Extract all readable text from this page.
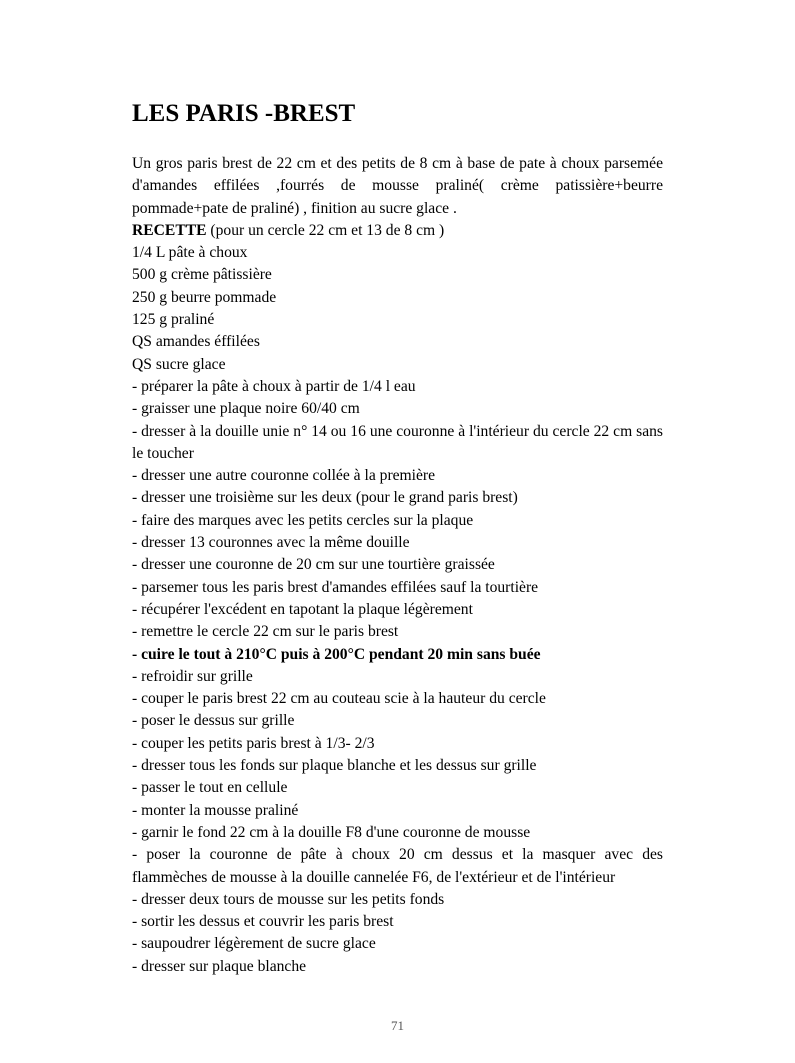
LES PARIS -BREST
Un gros paris brest de 22 cm et des petits de 8 cm à base de pate à choux parsemée d'amandes effilées ,fourrés de mousse praliné( crème patissière+beurre pommade+pate de praliné) , finition au sucre glace .
RECETTE (pour un cercle 22 cm et 13 de 8 cm )
1/4 L pâte à choux
500 g crème pâtissière
250 g beurre pommade
125 g praliné
QS amandes éffilées
QS sucre glace
- préparer la pâte à choux à partir de 1/4 l eau
- graisser une plaque noire 60/40 cm
- dresser à la douille unie n° 14 ou 16 une couronne à l'intérieur du cercle 22 cm sans le toucher
- dresser une autre couronne collée à la première
- dresser une troisième sur les deux (pour le grand paris brest)
- faire des marques avec les petits cercles sur la plaque
- dresser 13 couronnes avec la même douille
- dresser une couronne de 20 cm sur une tourtière graissée
- parsemer tous les paris brest d'amandes effilées sauf la tourtière
- récupérer l'excédent en tapotant la plaque légèrement
- remettre le cercle 22 cm sur le paris brest
- cuire le tout à 210°C puis à 200°C pendant 20 min sans buée
- refroidir sur grille
- couper le paris brest 22 cm au couteau scie à la hauteur du cercle
- poser le dessus sur grille
- couper les petits paris brest à 1/3- 2/3
- dresser tous les fonds sur plaque blanche et les dessus sur grille
- passer le tout en cellule
- monter la mousse praliné
- garnir le fond 22 cm à la douille F8 d'une couronne de mousse
- poser la couronne de pâte à choux 20 cm dessus et la masquer avec des flammèches de mousse à la douille cannelée F6, de l'extérieur et de l'intérieur
- dresser deux tours de mousse sur les petits fonds
- sortir les dessus et couvrir les paris brest
- saupoudrer légèrement de sucre glace
- dresser sur plaque blanche
71
